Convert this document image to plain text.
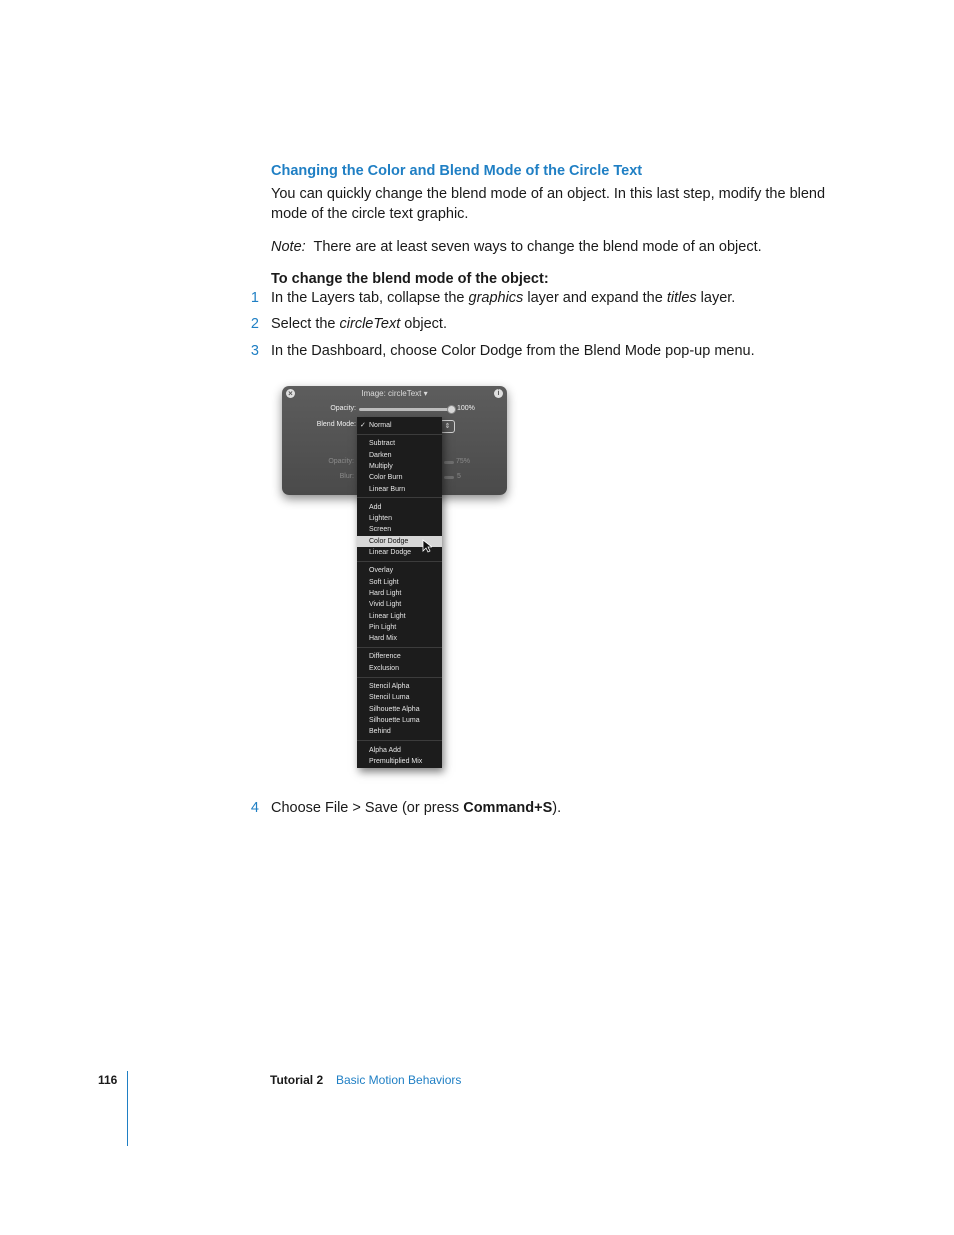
Changing the Color and Blend Mode of the Circle Text
You can quickly change the blend mode of an object. In this last step, modify the blend mode of the circle text graphic.
Note: There are at least seven ways to change the blend mode of an object.
To change the blend mode of the object:
1 In the Layers tab, collapse the graphics layer and expand the titles layer.
2 Select the circleText object.
3 In the Dashboard, choose Color Dodge from the Blend Mode pop-up menu.
Image: circleText ▾
×	i
Opacity:	100%
Blend Mode:
Opacity:	75%
Blur:	5
⇕
✓ Normal
Subtract
Darken
Multiply
Color Burn
Linear Burn
Add
Lighten
Screen
Color Dodge
Linear Dodge
Overlay
Soft Light
Hard Light
Vivid Light
Linear Light
Pin Light
Hard Mix
Difference
Exclusion
Stencil Alpha
Stencil Luma
Silhouette Alpha
Silhouette Luma
Behind
Alpha Add
Premultiplied Mix
4 Choose File > Save (or press Command+S).
116	Tutorial 2 Basic Motion Behaviors
